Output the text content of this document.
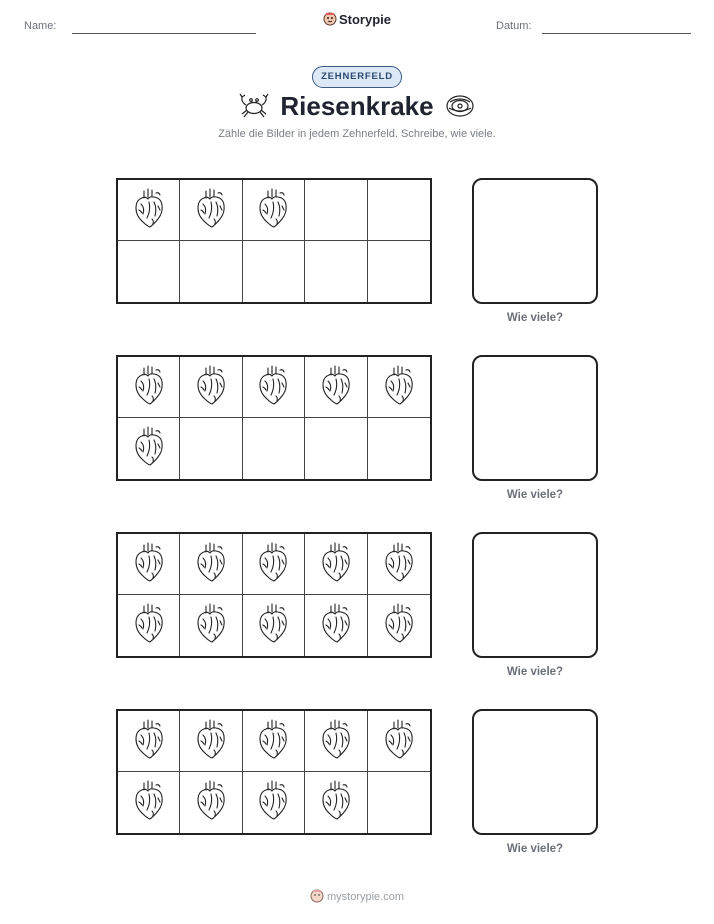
Name:	Storypie	Datum:
ZEHNERFELD
Riesenkrake
Zähle die Bilder in jedem Zehnerfeld. Schreibe, wie viele.
Wie viele?
Wie viele?
Wie viele?
Wie viele?
mystorypie.com
